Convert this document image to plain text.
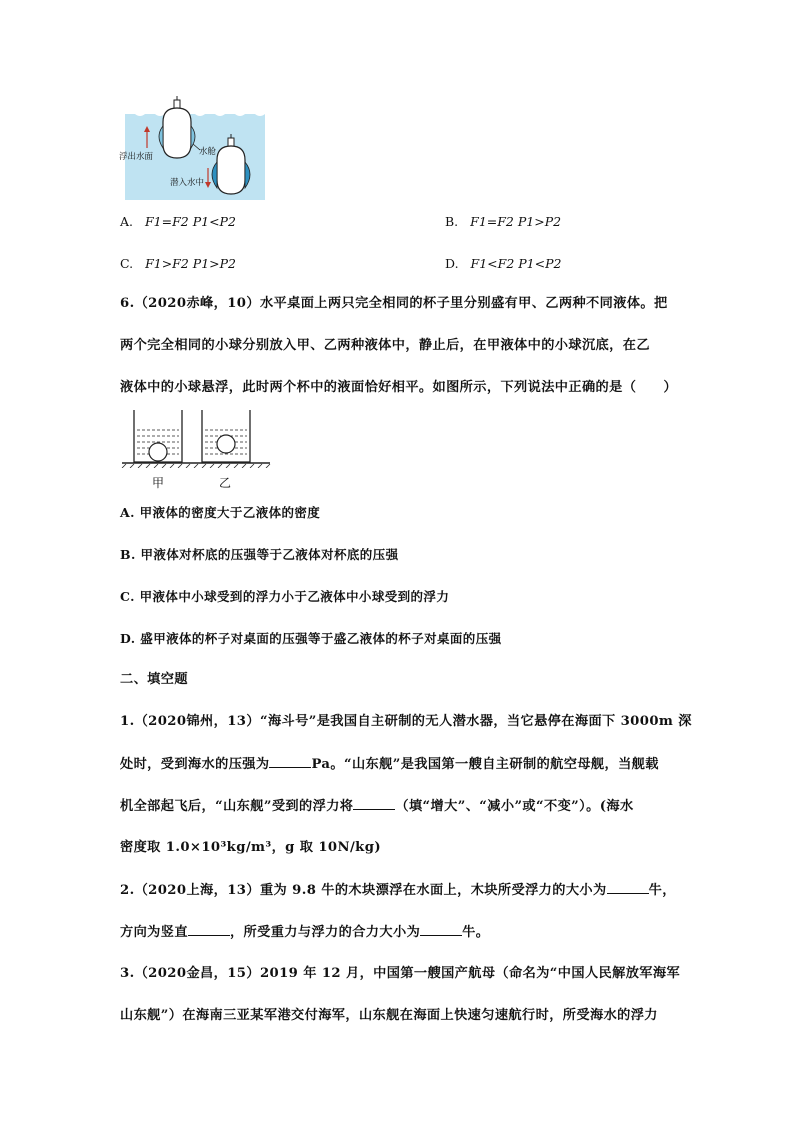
浮出水面	水舱
潜入水中
A. F1=F2 P1<P2	B. F1=F2 P1>P2
C. F1>F2 P1>P2	D. F1<F2 P1<P2
6.（2020赤峰，10）水平桌面上两只完全相同的杯子里分别盛有甲、乙两种不同液体。把
两个完全相同的小球分别放入甲、乙两种液体中，静止后，在甲液体中的小球沉底，在乙
液体中的小球悬浮，此时两个杯中的液面恰好相平。如图所示，下列说法中正确的是（　　）
甲	乙
A. 甲液体的密度大于乙液体的密度
B. 甲液体对杯底的压强等于乙液体对杯底的压强
C. 甲液体中小球受到的浮力小于乙液体中小球受到的浮力
D. 盛甲液体的杯子对桌面的压强等于盛乙液体的杯子对桌面的压强
二、填空题
1.（2020锦州，13）“海斗号”是我国自主研制的无人潜水器，当它悬停在海面下 3000m 深
处时，受到海水的压强为	Pa。“山东舰”是我国第一艘自主研制的航空母舰，当舰载
机全部起飞后，“山东舰”受到的浮力将	（填“增大”、“减小”或“不变”）。(海水
密度取 1.0×10³kg/m³，g 取 10N/kg)
2.（2020上海，13）重为 9.8 牛的木块漂浮在水面上，木块所受浮力的大小为	牛，
方向为竖直	，所受重力与浮力的合力大小为	牛。
3.（2020金昌，15）2019 年 12 月，中国第一艘国产航母（命名为“中国人民解放军海军
山东舰”）在海南三亚某军港交付海军，山东舰在海面上快速匀速航行时，所受海水的浮力
